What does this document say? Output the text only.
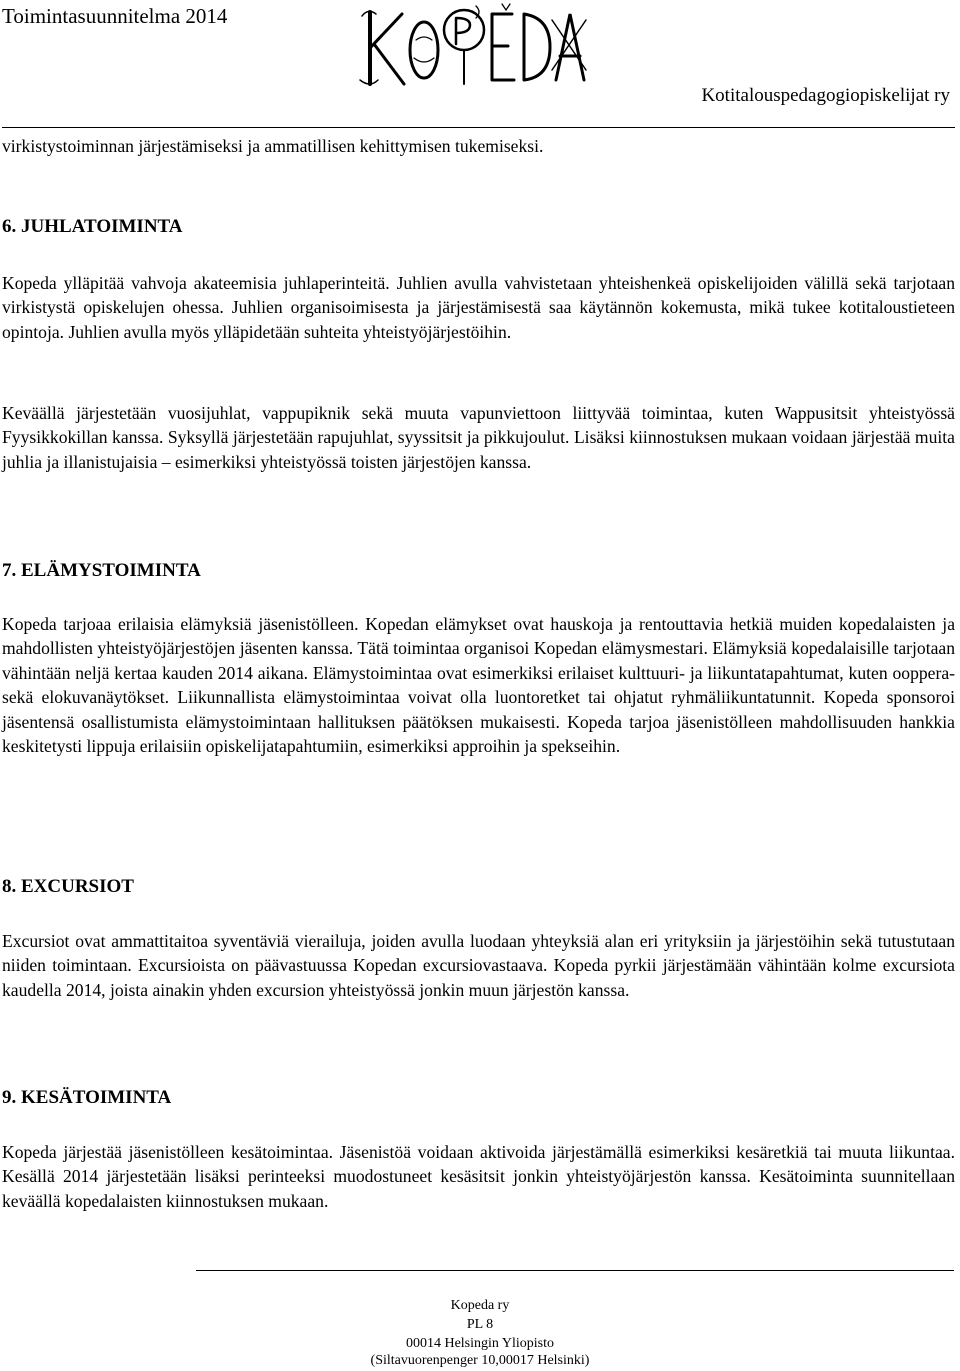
Toimintasuunnitelma 2014
Kotitalouspedagogiopiskelijat ry

virkistystoiminnan järjestämiseksi ja ammatillisen kehittymisen tukemiseksi.

6. JUHLATOIMINTA

Kopeda ylläpitää vahvoja akateemisia juhlaperinteitä. Juhlien avulla vahvistetaan yhteishenkeä opiskelijoiden välillä sekä tarjotaan virkistystä opiskelujen ohessa. Juhlien organisoimisesta ja järjestämisestä saa käytännön kokemusta, mikä tukee kotitaloustieteen opintoja. Juhlien avulla myös ylläpidetään suhteita yhteistyöjärjestöihin.

Keväällä järjestetään vuosijuhlat, vappupiknik sekä muuta vapunviettoon liittyvää toimintaa, kuten Wappusitsit yhteistyössä Fyysikkokillan kanssa. Syksyllä järjestetään rapujuhlat, syyssitsit ja pikkujoulut. Lisäksi kiinnostuksen mukaan voidaan järjestää muita juhlia ja illanistujaisia – esimerkiksi yhteistyössä toisten järjestöjen kanssa.

7. ELÄMYSTOIMINTA

Kopeda tarjoaa erilaisia elämyksiä jäsenistölleen. Kopedan elämykset ovat hauskoja ja rentouttavia hetkiä muiden kopedalaisten ja mahdollisten yhteistyöjärjestöjen jäsenten kanssa. Tätä toimintaa organisoi Kopedan elämysmestari. Elämyksiä kopedalaisille tarjotaan vähintään neljä kertaa kauden 2014 aikana. Elämystoimintaa ovat esimerkiksi erilaiset kulttuuri- ja liikuntatapahtumat, kuten ooppera- sekä elokuvanäytökset. Liikunnallista elämystoimintaa voivat olla luontoretket tai ohjatut ryhmäliikuntatunnit. Kopeda sponsoroi jäsentensä osallistumista elämystoimintaan hallituksen päätöksen mukaisesti. Kopeda tarjoa jäsenistölleen mahdollisuuden hankkia keskitetysti lippuja erilaisiin opiskelijatapahtumiin, esimerkiksi approihin ja spekseihin.

8. EXCURSIOT

Excursiot ovat ammattitaitoa syventäviä vierailuja, joiden avulla luodaan yhteyksiä alan eri yrityksiin ja järjestöihin sekä tutustutaan niiden toimintaan. Excursioista on päävastuussa Kopedan excursiovastaava. Kopeda pyrkii järjestämään vähintään kolme excursiota kaudella 2014, joista ainakin yhden excursion yhteistyössä jonkin muun järjestön kanssa.

9. KESÄTOIMINTA

Kopeda järjestää jäsenistölleen kesätoimintaa. Jäsenistöä voidaan aktivoida järjestämällä esimerkiksi kesäretkiä tai muuta liikuntaa. Kesällä 2014 järjestetään lisäksi perinteeksi muodostuneet kesäsitsit jonkin yhteistyöjärjestön kanssa. Kesätoiminta suunnitellaan keväällä kopedalaisten kiinnostuksen mukaan.

Kopeda ry
PL 8
00014 Helsingin Yliopisto
(Siltavuorenpenger 10,00017 Helsinki)
